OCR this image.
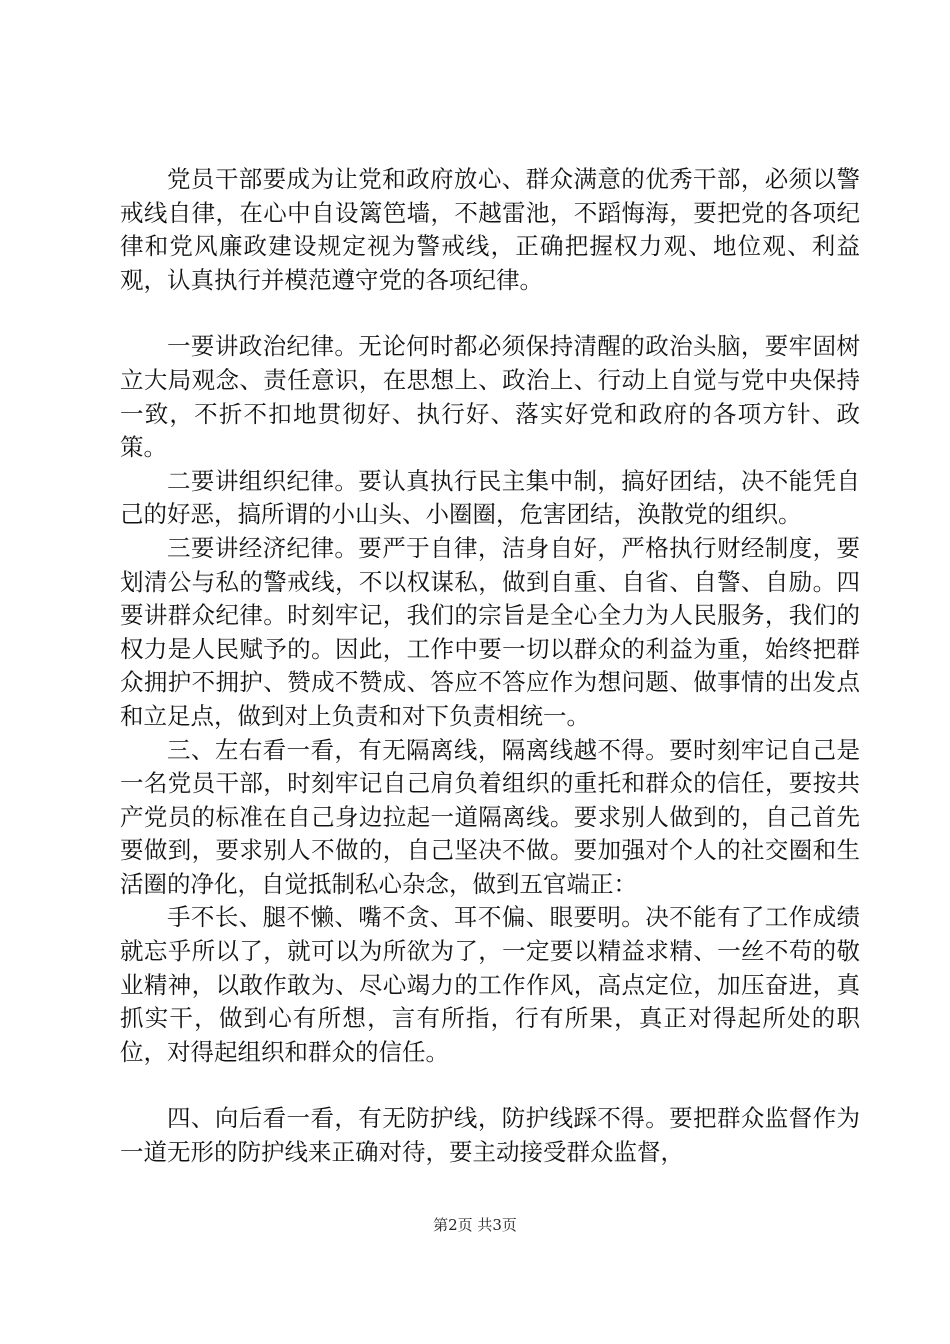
党员干部要成为让党和政府放心、群众满意的优秀干部，必须以警戒线自律，在心中自设篱笆墙，不越雷池，不蹈悔海，要把党的各项纪律和党风廉政建设规定视为警戒线，正确把握权力观、地位观、利益观，认真执行并模范遵守党的各项纪律。

一要讲政治纪律。无论何时都必须保持清醒的政治头脑，要牢固树立大局观念、责任意识，在思想上、政治上、行动上自觉与党中央保持一致，不折不扣地贯彻好、执行好、落实好党和政府的各项方针、政策。

二要讲组织纪律。要认真执行民主集中制，搞好团结，决不能凭自己的好恶，搞所谓的小山头、小圈圈，危害团结，涣散党的组织。

三要讲经济纪律。要严于自律，洁身自好，严格执行财经制度，要划清公与私的警戒线，不以权谋私，做到自重、自省、自警、自励。四要讲群众纪律。时刻牢记，我们的宗旨是全心全力为人民服务，我们的权力是人民赋予的。因此，工作中要一切以群众的利益为重，始终把群众拥护不拥护、赞成不赞成、答应不答应作为想问题、做事情的出发点和立足点，做到对上负责和对下负责相统一。

三、左右看一看，有无隔离线，隔离线越不得。要时刻牢记自己是一名党员干部，时刻牢记自己肩负着组织的重托和群众的信任，要按共产党员的标准在自己身边拉起一道隔离线。要求别人做到的，自己首先要做到，要求别人不做的，自己坚决不做。要加强对个人的社交圈和生活圈的净化，自觉抵制私心杂念，做到五官端正：

手不长、腿不懒、嘴不贪、耳不偏、眼要明。决不能有了工作成绩就忘乎所以了，就可以为所欲为了，一定要以精益求精、一丝不苟的敬业精神，以敢作敢为、尽心竭力的工作作风，高点定位，加压奋进，真抓实干，做到心有所想，言有所指，行有所果，真正对得起所处的职位，对得起组织和群众的信任。

四、向后看一看，有无防护线，防护线踩不得。要把群众监督作为一道无形的防护线来正确对待，要主动接受群众监督，

第2页 共3页
